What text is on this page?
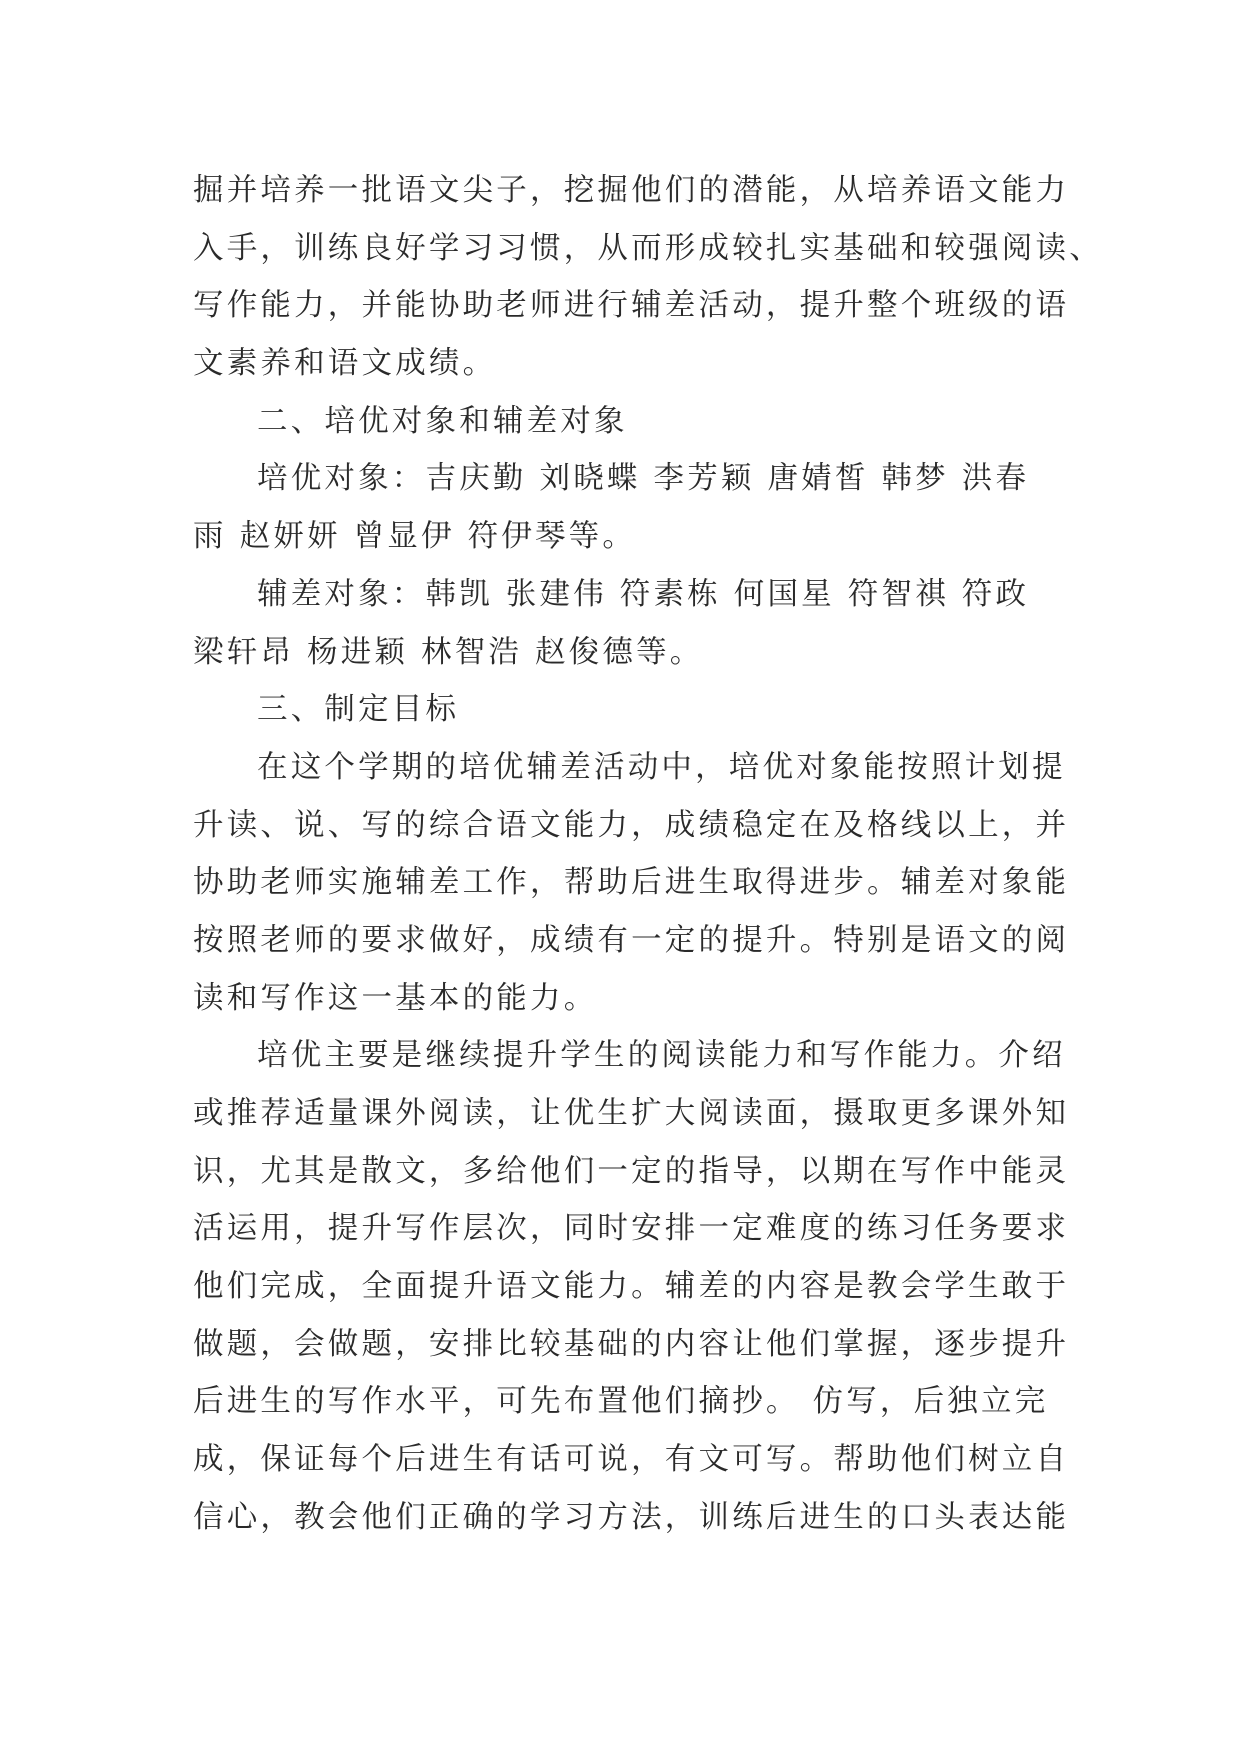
掘并培养一批语文尖子，挖掘他们的潜能，从培养语文能力
入手，训练良好学习习惯，从而形成较扎实基础和较强阅读、
写作能力，并能协助老师进行辅差活动，提升整个班级的语
文素养和语文成绩。
二、培优对象和辅差对象
培优对象：吉庆勤 刘晓蝶 李芳颖 唐婧皙 韩梦 洪春
雨 赵妍妍 曾显伊 符伊琴等。
辅差对象：韩凯 张建伟 符素栋 何国星 符智祺 符政
梁轩昂 杨进颖 林智浩 赵俊德等。
三、制定目标
在这个学期的培优辅差活动中，培优对象能按照计划提
升读、说、写的综合语文能力，成绩稳定在及格线以上，并
协助老师实施辅差工作，帮助后进生取得进步。辅差对象能
按照老师的要求做好，成绩有一定的提升。特别是语文的阅
读和写作这一基本的能力。
培优主要是继续提升学生的阅读能力和写作能力。介绍
或推荐适量课外阅读，让优生扩大阅读面，摄取更多课外知
识，尤其是散文，多给他们一定的指导，以期在写作中能灵
活运用，提升写作层次，同时安排一定难度的练习任务要求
他们完成，全面提升语文能力。辅差的内容是教会学生敢于
做题，会做题，安排比较基础的内容让他们掌握，逐步提升
后进生的写作水平，可先布置他们摘抄。 仿写，后独立完
成，保证每个后进生有话可说，有文可写。帮助他们树立自
信心，教会他们正确的学习方法，训练后进生的口头表达能
